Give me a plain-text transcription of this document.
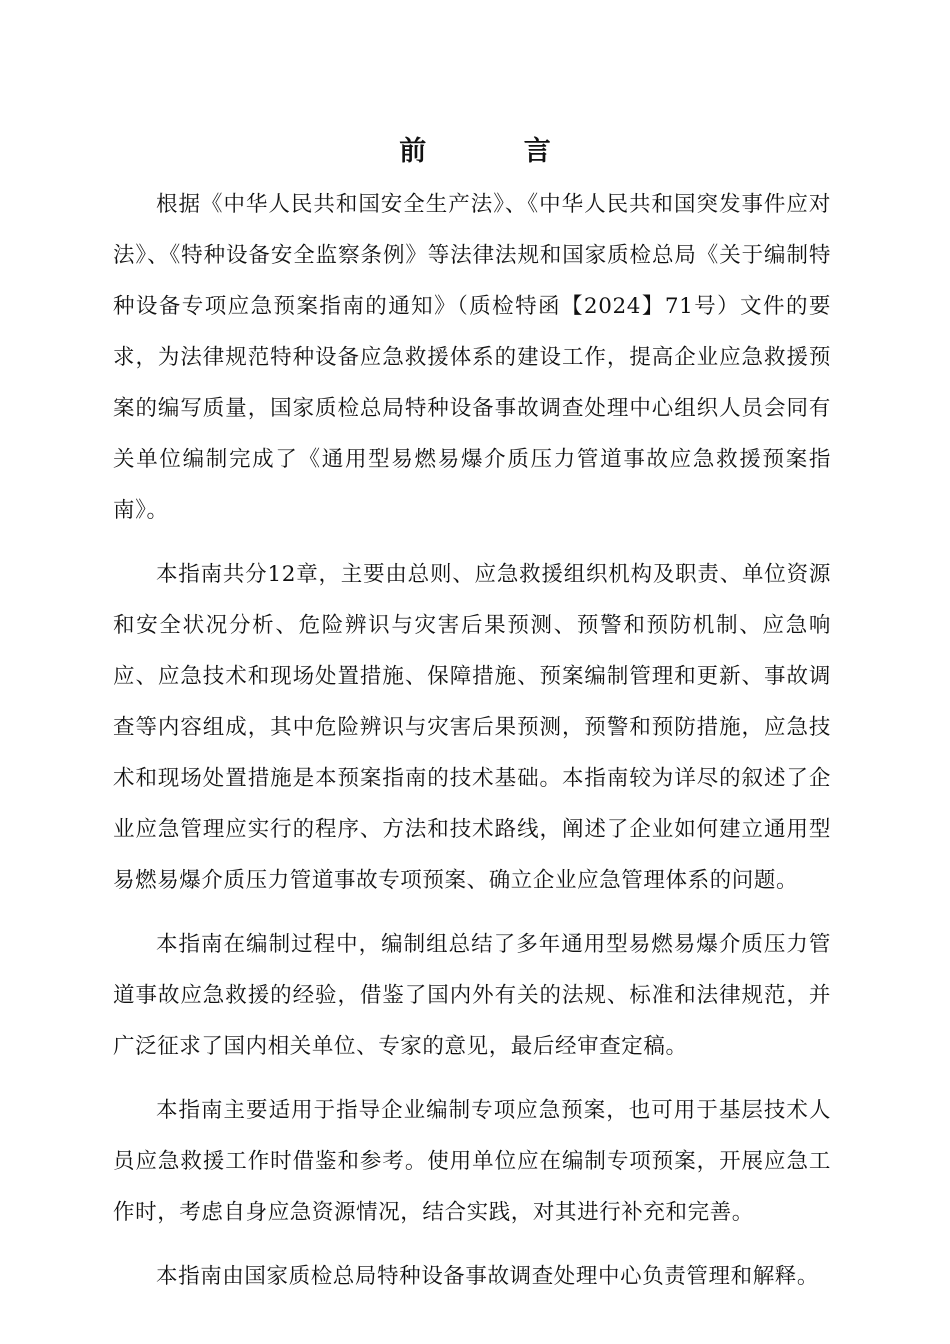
前 言

根据《中华人民共和国安全生产法》、《中华人民共和国突发事件应对法》、《特种设备安全监察条例》等法律法规和国家质检总局《关于编制特种设备专项应急预案指南的通知》（质检特函【2024】71号）文件的要求，为法律规范特种设备应急救援体系的建设工作，提高企业应急救援预案的编写质量，国家质检总局特种设备事故调查处理中心组织人员会同有关单位编制完成了《通用型易燃易爆介质压力管道事故应急救援预案指南》。

本指南共分12章，主要由总则、应急救援组织机构及职责、单位资源和安全状况分析、危险辨识与灾害后果预测、预警和预防机制、应急响应、应急技术和现场处置措施、保障措施、预案编制管理和更新、事故调查等内容组成，其中危险辨识与灾害后果预测，预警和预防措施，应急技术和现场处置措施是本预案指南的技术基础。本指南较为详尽的叙述了企业应急管理应实行的程序、方法和技术路线，阐述了企业如何建立通用型易燃易爆介质压力管道事故专项预案、确立企业应急管理体系的问题。

本指南在编制过程中，编制组总结了多年通用型易燃易爆介质压力管道事故应急救援的经验，借鉴了国内外有关的法规、标准和法律规范，并广泛征求了国内相关单位、专家的意见，最后经审查定稿。

本指南主要适用于指导企业编制专项应急预案，也可用于基层技术人员应急救援工作时借鉴和参考。使用单位应在编制专项预案，开展应急工作时，考虑自身应急资源情况，结合实践，对其进行补充和完善。

本指南由国家质检总局特种设备事故调查处理中心负责管理和解释。
